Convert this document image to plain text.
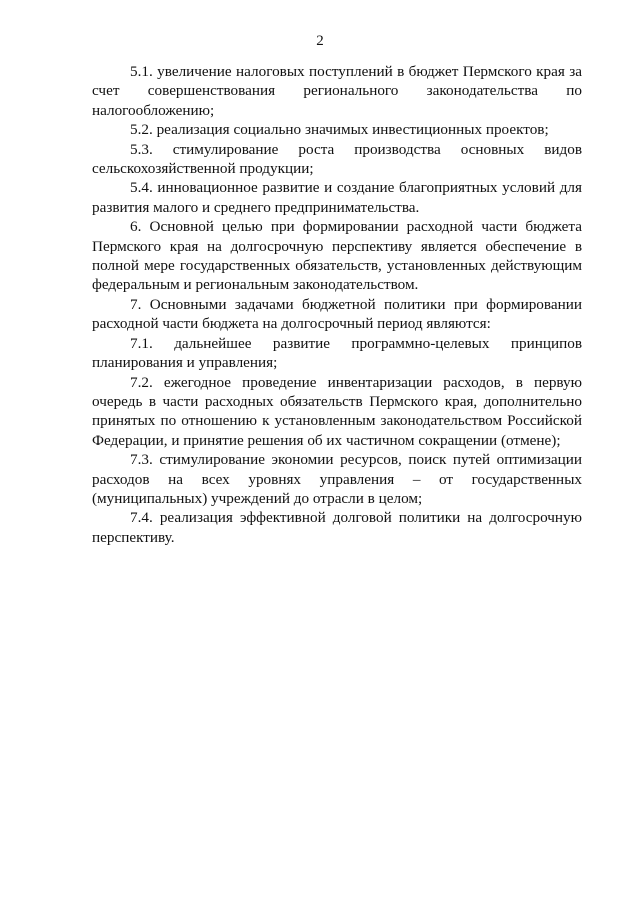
2

5.1. увеличение налоговых поступлений в бюджет Пермского края за счет совершенствования регионального законодательства по налогообложению;

5.2. реализация социально значимых инвестиционных проектов;

5.3. стимулирование роста производства основных видов сельскохозяйственной продукции;

5.4. инновационное развитие и создание благоприятных условий для развития малого и среднего предпринимательства.

6. Основной целью при формировании расходной части бюджета Пермского края на долгосрочную перспективу является обеспечение в полной мере государственных обязательств, установленных действующим федеральным и региональным законодательством.

7. Основными задачами бюджетной политики при формировании расходной части бюджета на долгосрочный период являются:

7.1. дальнейшее развитие программно-целевых принципов планирования и управления;

7.2. ежегодное проведение инвентаризации расходов, в первую очередь в части расходных обязательств Пермского края, дополнительно принятых по отношению к установленным законодательством Российской Федерации, и принятие решения об их частичном сокращении (отмене);

7.3. стимулирование экономии ресурсов, поиск путей оптимизации расходов на всех уровнях управления – от государственных (муниципальных) учреждений до отрасли в целом;

7.4. реализация эффективной долговой политики на долгосрочную перспективу.
